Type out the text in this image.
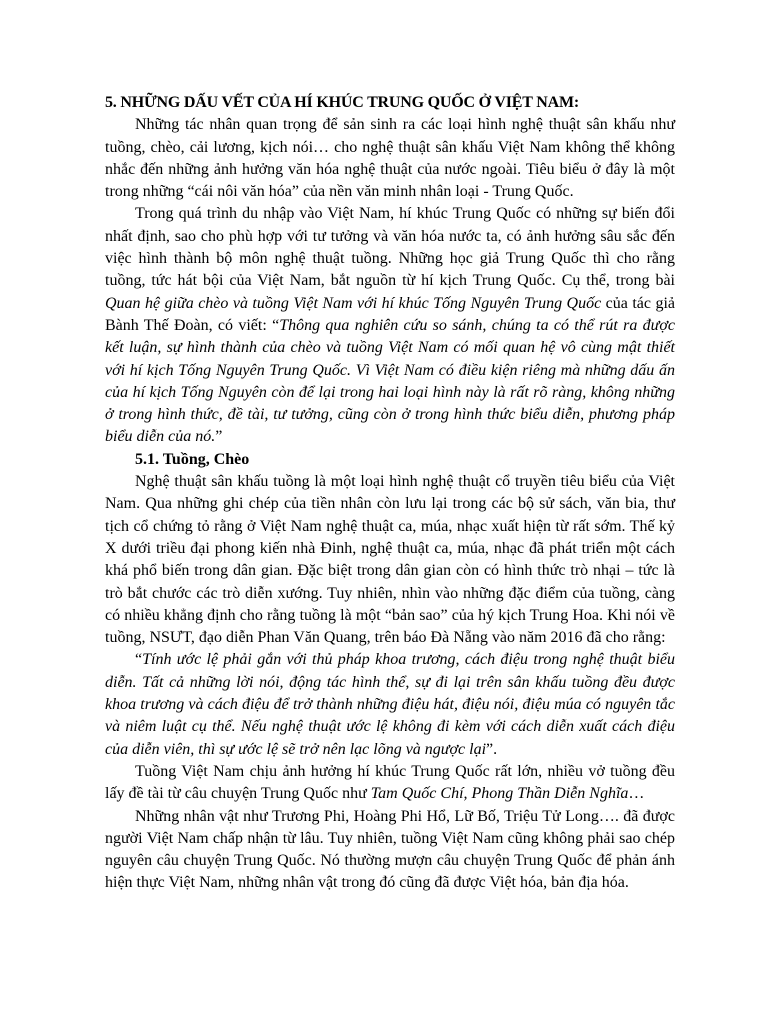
5. NHỮNG DẤU VẾT CỦA HÍ KHÚC TRUNG QUỐC Ở VIỆT NAM:

Những tác nhân quan trọng để sản sinh ra các loại hình nghệ thuật sân khấu như tuồng, chèo, cải lương, kịch nói… cho nghệ thuật sân khấu Việt Nam không thể không nhắc đến những ảnh hưởng văn hóa nghệ thuật của nước ngoài. Tiêu biểu ở đây là một trong những “cái nôi văn hóa” của nền văn minh nhân loại - Trung Quốc.

Trong quá trình du nhập vào Việt Nam, hí khúc Trung Quốc có những sự biến đổi nhất định, sao cho phù hợp với tư tưởng và văn hóa nước ta, có ảnh hưởng sâu sắc đến việc hình thành bộ môn nghệ thuật tuồng. Những học giả Trung Quốc thì cho rằng tuồng, tức hát bội của Việt Nam, bắt nguồn từ hí kịch Trung Quốc. Cụ thể, trong bài Quan hệ giữa chèo và tuồng Việt Nam với hí khúc Tống Nguyên Trung Quốc của tác giả Bành Thế Đoàn, có viết: “Thông qua nghiên cứu so sánh, chúng ta có thể rút ra được kết luận, sự hình thành của chèo và tuồng Việt Nam có mối quan hệ vô cùng mật thiết với hí kịch Tống Nguyên Trung Quốc. Vì Việt Nam có điều kiện riêng mà những dấu ấn của hí kịch Tống Nguyên còn để lại trong hai loại hình này là rất rõ ràng, không những ở trong hình thức, đề tài, tư tưởng, cũng còn ở trong hình thức biểu diễn, phương pháp biểu diễn của nó.”

5.1. Tuồng, Chèo

Nghệ thuật sân khấu tuồng là một loại hình nghệ thuật cổ truyền tiêu biểu của Việt Nam. Qua những ghi chép của tiền nhân còn lưu lại trong các bộ sử sách, văn bia, thư tịch cổ chứng tỏ rằng ở Việt Nam nghệ thuật ca, múa, nhạc xuất hiện từ rất sớm. Thế kỷ X dưới triều đại phong kiến nhà Đinh, nghệ thuật ca, múa, nhạc đã phát triển một cách khá phổ biến trong dân gian. Đặc biệt trong dân gian còn có hình thức trò nhại – tức là trò bắt chước các trò diễn xướng. Tuy nhiên, nhìn vào những đặc điểm của tuồng, càng có nhiều khẳng định cho rằng tuồng là một “bản sao” của hý kịch Trung Hoa. Khi nói về tuồng, NSƯT, đạo diễn Phan Văn Quang, trên báo Đà Nẵng vào năm 2016 đã cho rằng:

“Tính ước lệ phải gắn với thủ pháp khoa trương, cách điệu trong nghệ thuật biểu diễn. Tất cả những lời nói, động tác hình thể, sự đi lại trên sân khấu tuồng đều được khoa trương và cách điệu để trở thành những điệu hát, điệu nói, điệu múa có nguyên tắc và niêm luật cụ thể. Nếu nghệ thuật ước lệ không đi kèm với cách diễn xuất cách điệu của diễn viên, thì sự ước lệ sẽ trở nên lạc lõng và ngược lại”.

Tuồng Việt Nam chịu ảnh hưởng hí khúc Trung Quốc rất lớn, nhiều vở tuồng đều lấy đề tài từ câu chuyện Trung Quốc như Tam Quốc Chí, Phong Thần Diễn Nghĩa…

Những nhân vật như Trương Phi, Hoàng Phi Hổ, Lữ Bố, Triệu Tử Long…. đã được người Việt Nam chấp nhận từ lâu. Tuy nhiên, tuồng Việt Nam cũng không phải sao chép nguyên câu chuyện Trung Quốc. Nó thường mượn câu chuyện Trung Quốc để phản ánh hiện thực Việt Nam, những nhân vật trong đó cũng đã được Việt hóa, bản địa hóa.
